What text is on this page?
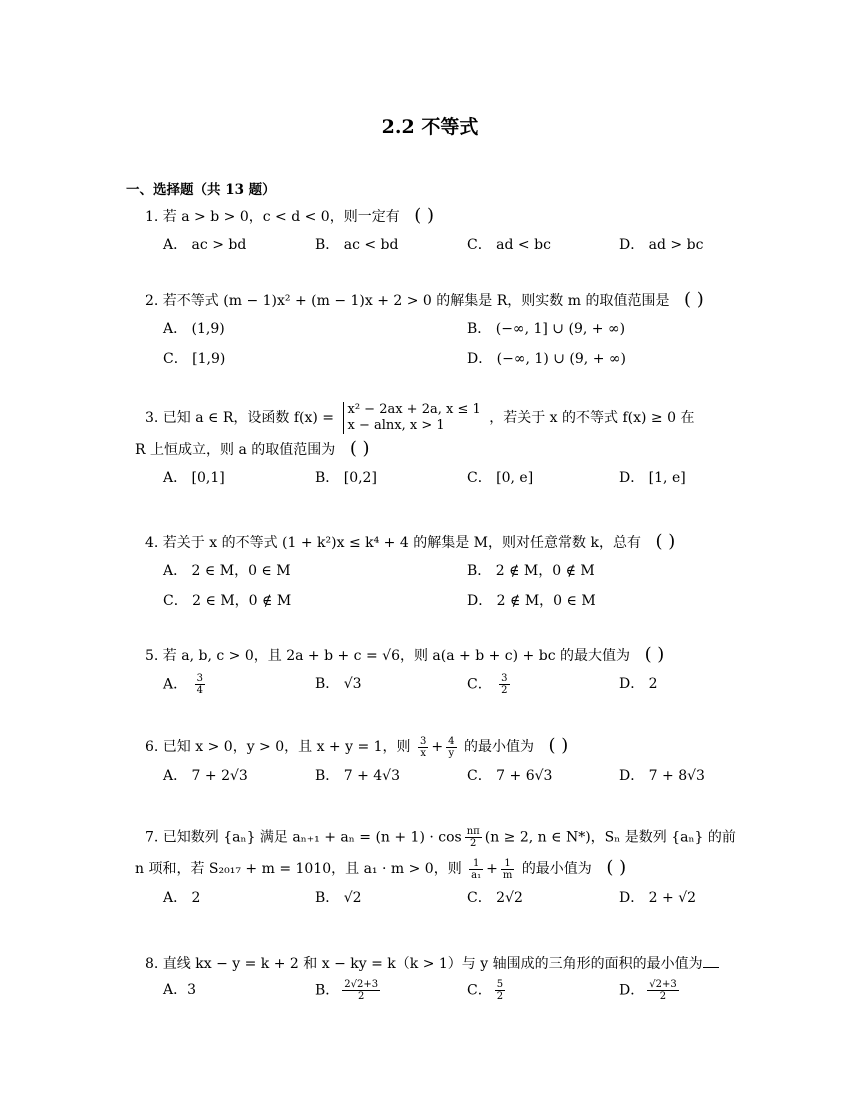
2.2 不等式
一、选择题（共 13 题）
1. 若 a > b > 0，c < d < 0，则一定有 ( )
A． ac > bd	B． ac < bd	C． ad < bc	D． ad > bc
2. 若不等式 (m − 1)x² + (m − 1)x + 2 > 0 的解集是 R，则实数 m 的取值范围是 ( )
A． (1,9)	B． (−∞, 1] ∪ (9, + ∞)
C． [1,9)	D． (−∞, 1) ∪ (9, + ∞)
3. 已知 a ∈ R，设函数 f(x) =
x² − 2ax + 2a, x ≤ 1
x − alnx, x > 1	，若关于 x 的不等式 f(x) ≥ 0 在
R 上恒成立，则 a 的取值范围为 ( )
A． [0,1]	B． [0,2]	C． [0, e]	D． [1, e]
4. 若关于 x 的不等式 (1 + k²)x ≤ k⁴ + 4 的解集是 M，则对任意常数 k，总有 ( )
A． 2 ∈ M，0 ∈ M	B． 2 ∉ M，0 ∉ M
C． 2 ∈ M，0 ∉ M	D． 2 ∉ M，0 ∈ M
5. 若 a, b, c > 0，且 2a + b + c = √6，则 a(a + b + c) + bc 的最大值为 ( )
A． $\frac{3}{4}$	B． √3	C． $\frac{3}{2}$	D． 2
6. 已知 x > 0，y > 0，且 x + y = 1，则 $\frac{3}{x} + \frac{4}{y}$ 的最小值为 ( )
A． 7 + 2√3	B． 7 + 4√3	C． 7 + 6√3	D． 7 + 8√3
7. 已知数列 {aₙ} 满足 $a_{n+1} + a_n = (n + 1) \cdot \cos \frac{n\pi}{2} (n \ge 2$, n ∈ N*)，Sₙ 是数列 {aₙ} 的前
n 项和，若 S₂₀₁₇ + m = 1010，且 a₁ · m > 0，则 $\frac{1}{\text{a₁}} + \frac{1}{m}$ 的最小值为 ( )
A． 2	B． √2	C． 2√2	D． 2 + √2
8. 直线 kx − y = k + 2 和 x − ky = k（k > 1）与 y 轴围成的三角形的面积的最小值为
A．3	B． $\frac{2√2+3}{2}$	C． $\frac{5}{2}$	D． $\frac{√2+3}{2}$
